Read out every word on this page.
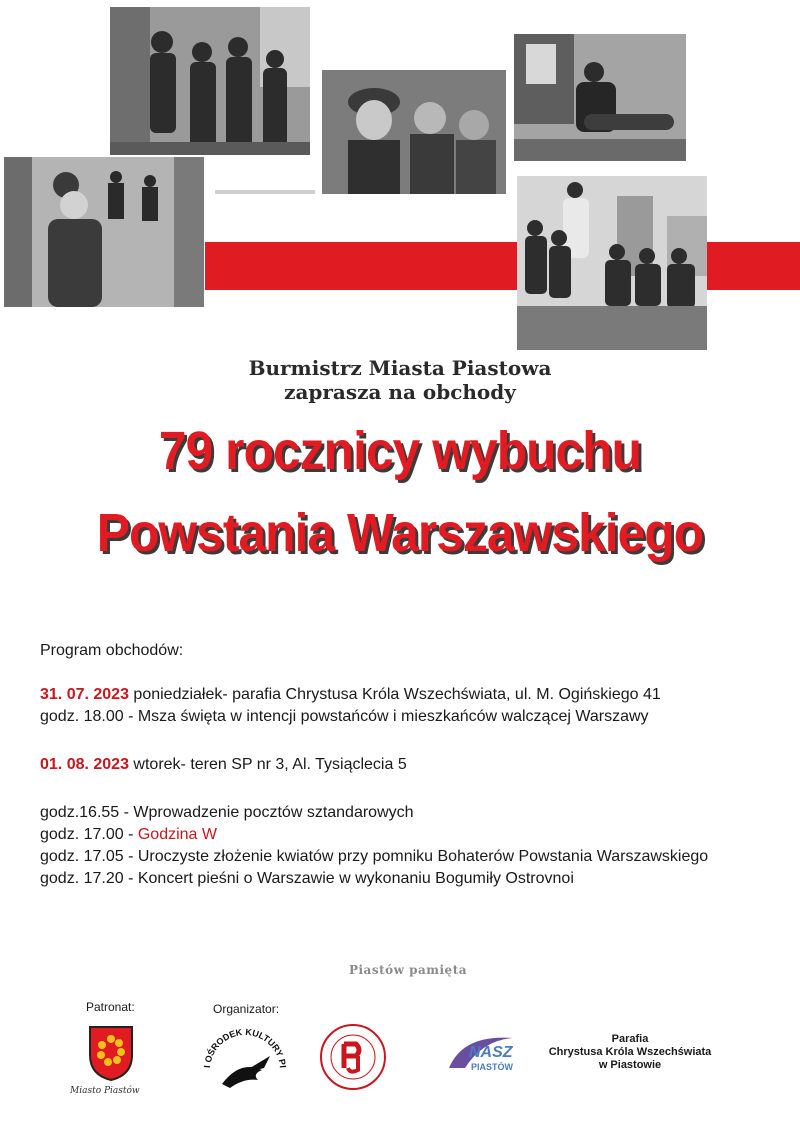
Burmistrz Miasta Piastowa
zaprasza na obchody
79 rocznicy wybuchu
Powstania Warszawskiego
Program obchodów:
31. 07. 2023 poniedziałek- parafia Chrystusa Króla Wszechświata, ul. M. Ogińskiego 41
godz. 18.00 - Msza święta w intencji powstańców i mieszkańców walczącej Warszawy
01. 08. 2023 wtorek- teren SP nr 3, Al. Tysiąclecia 5
godz.16.55 - Wprowadzenie pocztów sztandarowych
godz. 17.00 - Godzina W
godz. 17.05 - Uroczyste złożenie kwiatów przy pomniku Bohaterów Powstania Warszawskiego
godz. 17.20 - Koncert pieśni o Warszawie w wykonaniu Bogumiły Ostrovnoi
Piastów pamięta
Patronat:	Organizator:
Miasto Piastów
I OŚRODEK KULTURY PI
NASZ
PIASTÓW
Parafia
Chrystusa Króla Wszechświata
w Piastowie
